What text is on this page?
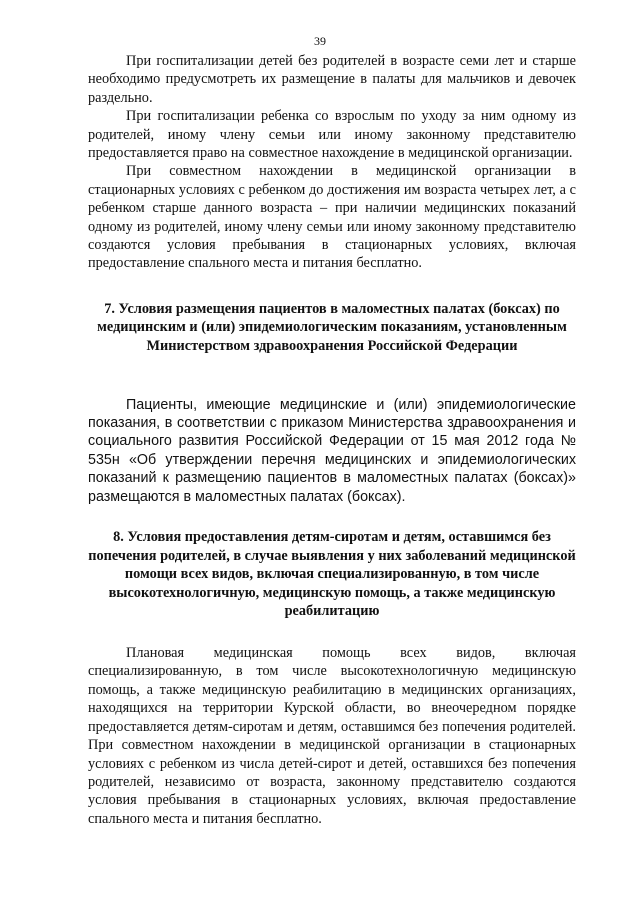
39

При госпитализации детей без родителей в возрасте семи лет и старше необходимо предусмотреть их размещение в палаты для мальчиков и девочек раздельно.

При госпитализации ребенка со взрослым по уходу за ним одному из родителей, иному члену семьи или иному законному представителю предоставляется право на совместное нахождение в медицинской организации.

При совместном нахождении в медицинской организации в стационарных условиях с ребенком до достижения им возраста четырех лет, а с ребенком старше данного возраста – при наличии медицинских показаний одному из родителей, иному члену семьи или иному законному представителю создаются условия пребывания в стационарных условиях, включая предоставление спального места и питания бесплатно.

7. Условия размещения пациентов в маломестных палатах (боксах) по медицинским и (или) эпидемиологическим показаниям, установленным Министерством здравоохранения Российской Федерации

Пациенты, имеющие медицинские и (или) эпидемиологические показания, в соответствии с приказом Министерства здравоохранения и социального развития Российской Федерации от 15 мая 2012 года № 535н «Об утверждении перечня медицинских и эпидемиологических показаний к размещению пациентов в маломестных палатах (боксах)» размещаются в маломестных палатах (боксах).

8. Условия предоставления детям-сиротам и детям, оставшимся без попечения родителей, в случае выявления у них заболеваний медицинской помощи всех видов, включая специализированную, в том числе высокотехнологичную, медицинскую помощь, а также медицинскую реабилитацию

Плановая медицинская помощь всех видов, включая специализированную, в том числе высокотехнологичную медицинскую помощь, а также медицинскую реабилитацию в медицинских организациях, находящихся на территории Курской области, во внеочередном порядке предоставляется детям-сиротам и детям, оставшимся без попечения родителей. При совместном нахождении в медицинской организации в стационарных условиях с ребенком из числа детей-сирот и детей, оставшихся без попечения родителей, независимо от возраста, законному представителю создаются условия пребывания в стационарных условиях, включая предоставление спального места и питания бесплатно.
